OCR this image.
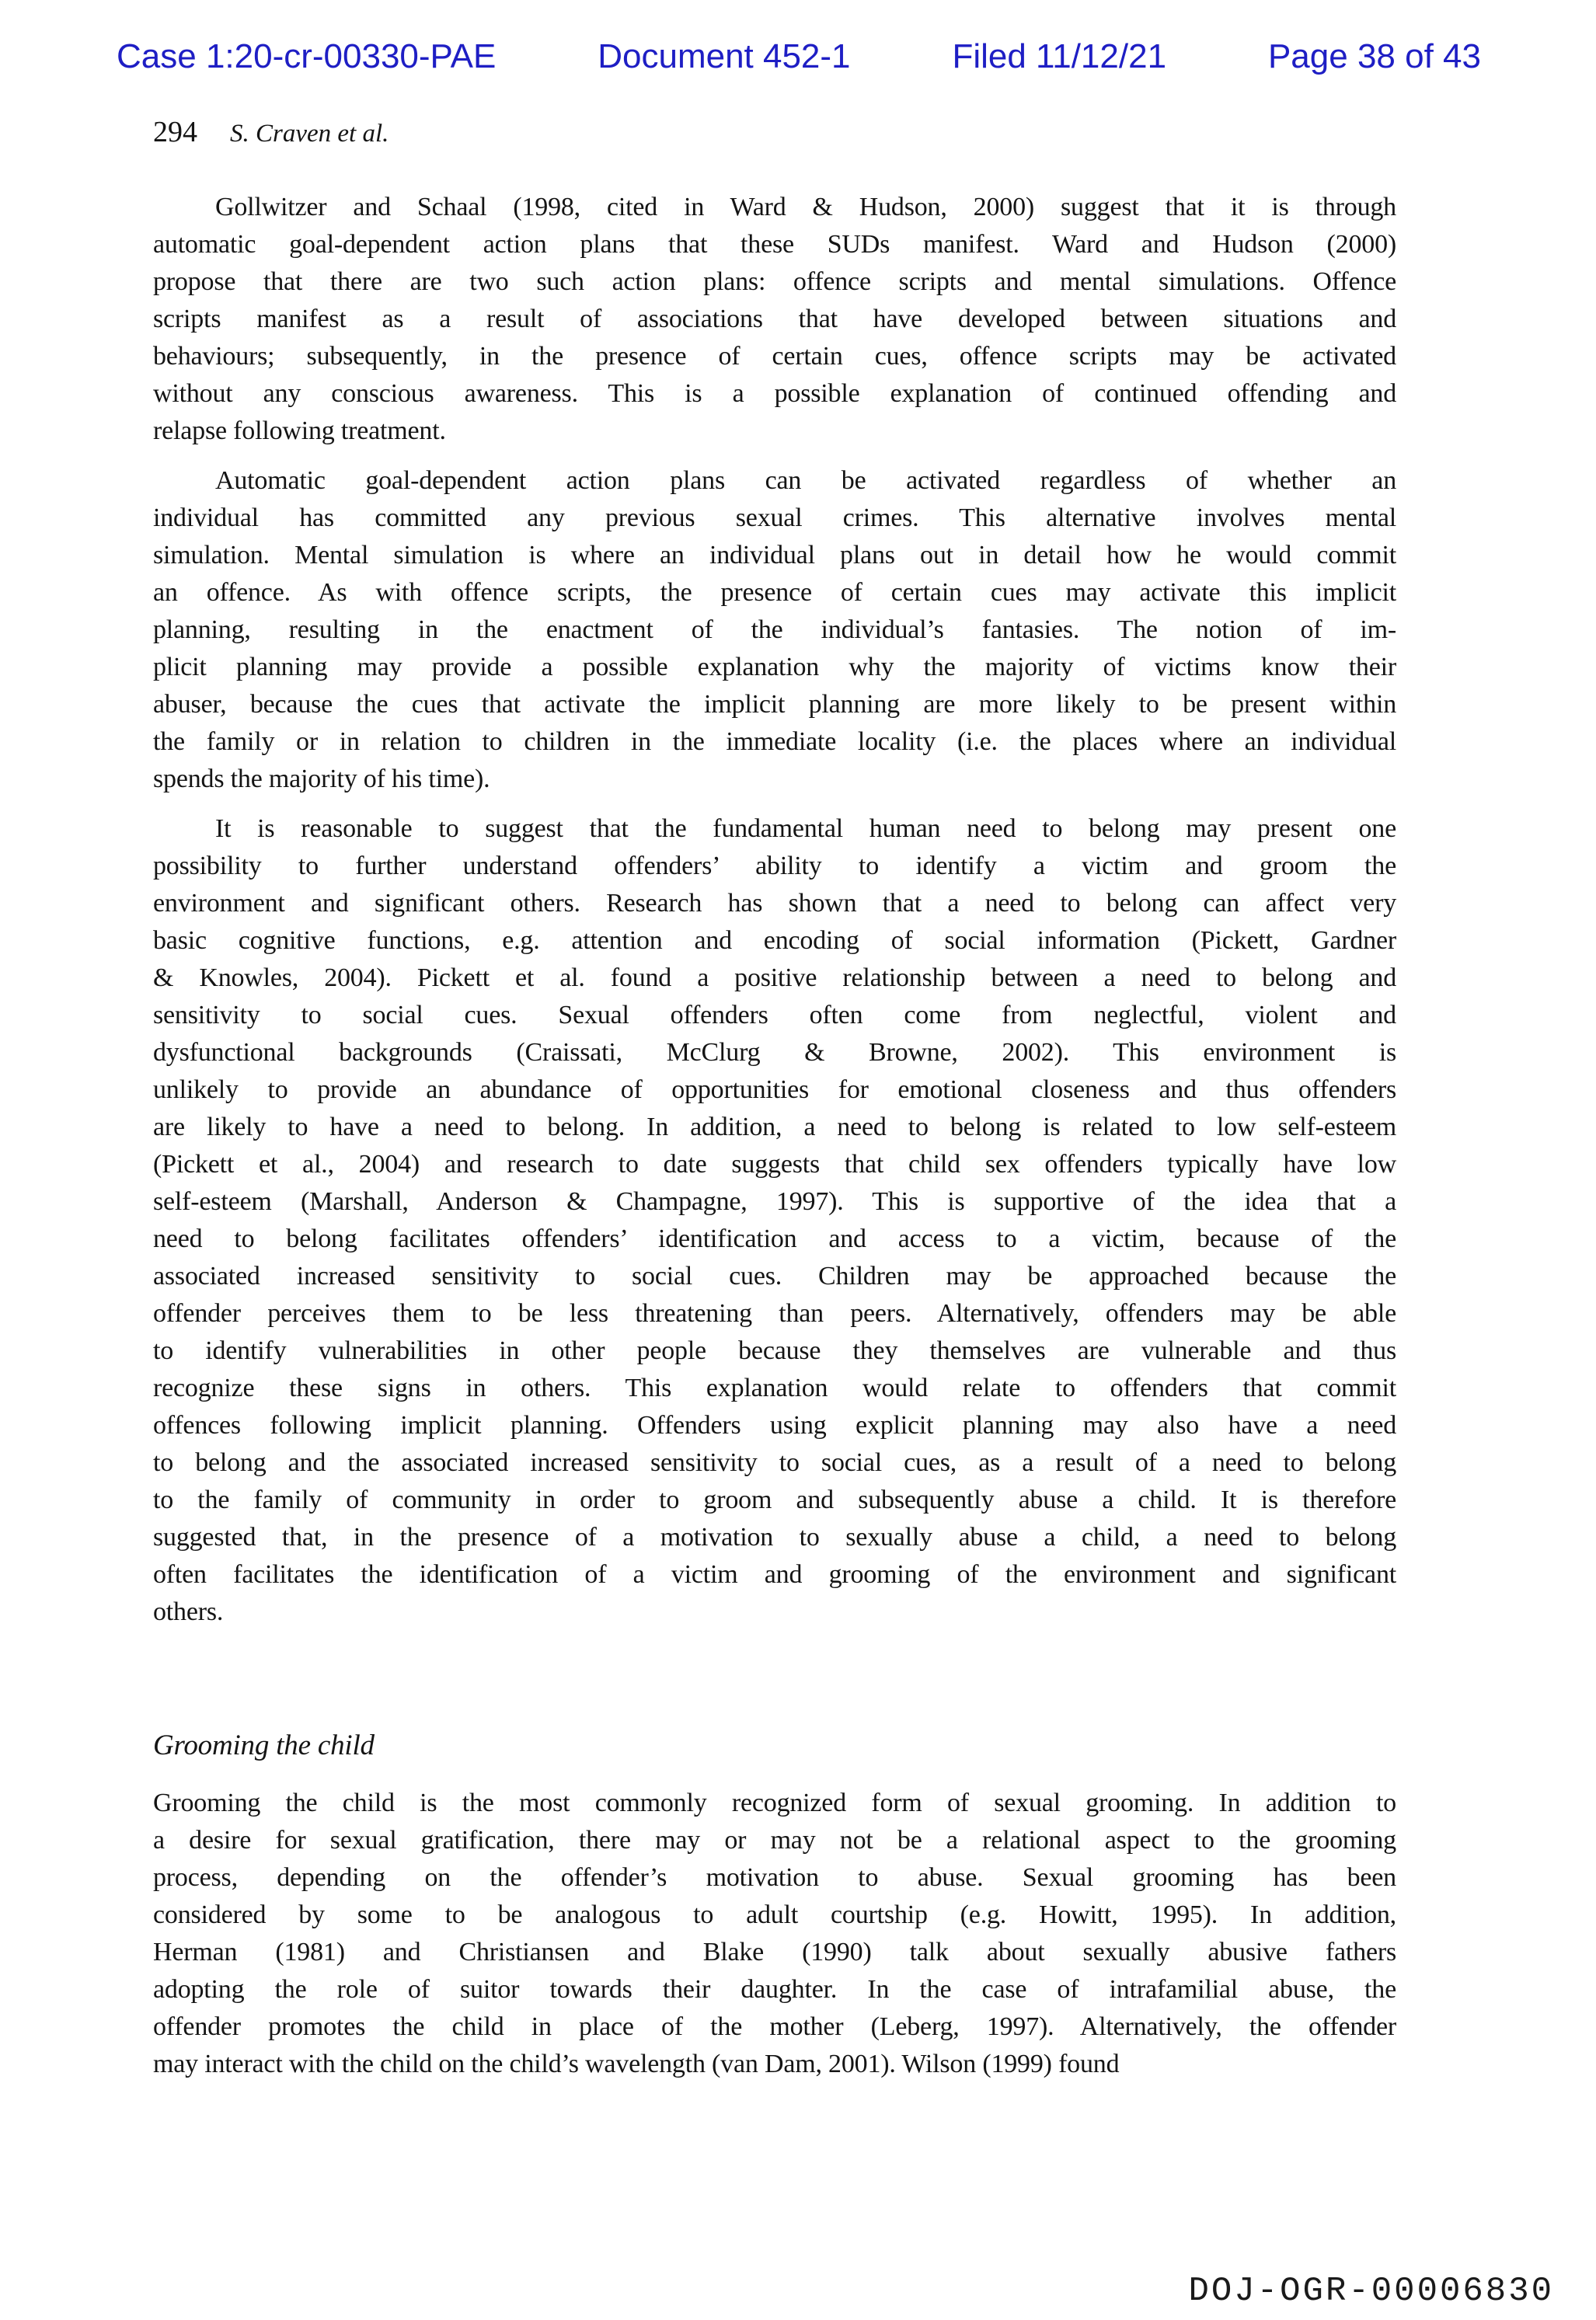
Case 1:20-cr-00330-PAE	Document 452-1	Filed 11/12/21	Page 38 of 43
294 S. Craven et al.
Gollwitzer and Schaal (1998, cited in Ward & Hudson, 2000) suggest that it is through
automatic goal-dependent action plans that these SUDs manifest. Ward and Hudson (2000)
propose that there are two such action plans: offence scripts and mental simulations. Offence
scripts manifest as a result of associations that have developed between situations and
behaviours; subsequently, in the presence of certain cues, offence scripts may be activated
without any conscious awareness. This is a possible explanation of continued offending and
relapse following treatment.
Automatic goal-dependent action plans can be activated regardless of whether an
individual has committed any previous sexual crimes. This alternative involves mental
simulation. Mental simulation is where an individual plans out in detail how he would commit
an offence. As with offence scripts, the presence of certain cues may activate this implicit
planning, resulting in the enactment of the individual’s fantasies. The notion of im-
plicit planning may provide a possible explanation why the majority of victims know their
abuser, because the cues that activate the implicit planning are more likely to be present within
the family or in relation to children in the immediate locality (i.e. the places where an individual
spends the majority of his time).
It is reasonable to suggest that the fundamental human need to belong may present one
possibility to further understand offenders’ ability to identify a victim and groom the
environment and significant others. Research has shown that a need to belong can affect very
basic cognitive functions, e.g. attention and encoding of social information (Pickett, Gardner
& Knowles, 2004). Pickett et al. found a positive relationship between a need to belong and
sensitivity to social cues. Sexual offenders often come from neglectful, violent and
dysfunctional backgrounds (Craissati, McClurg & Browne, 2002). This environment is
unlikely to provide an abundance of opportunities for emotional closeness and thus offenders
are likely to have a need to belong. In addition, a need to belong is related to low self-esteem
(Pickett et al., 2004) and research to date suggests that child sex offenders typically have low
self-esteem (Marshall, Anderson & Champagne, 1997). This is supportive of the idea that a
need to belong facilitates offenders’ identification and access to a victim, because of the
associated increased sensitivity to social cues. Children may be approached because the
offender perceives them to be less threatening than peers. Alternatively, offenders may be able
to identify vulnerabilities in other people because they themselves are vulnerable and thus
recognize these signs in others. This explanation would relate to offenders that commit
offences following implicit planning. Offenders using explicit planning may also have a need
to belong and the associated increased sensitivity to social cues, as a result of a need to belong
to the family of community in order to groom and subsequently abuse a child. It is therefore
suggested that, in the presence of a motivation to sexually abuse a child, a need to belong
often facilitates the identification of a victim and grooming of the environment and significant
others.
Grooming the child
Grooming the child is the most commonly recognized form of sexual grooming. In addition to
a desire for sexual gratification, there may or may not be a relational aspect to the grooming
process, depending on the offender’s motivation to abuse. Sexual grooming has been
considered by some to be analogous to adult courtship (e.g. Howitt, 1995). In addition,
Herman (1981) and Christiansen and Blake (1990) talk about sexually abusive fathers
adopting the role of suitor towards their daughter. In the case of intrafamilial abuse, the
offender promotes the child in place of the mother (Leberg, 1997). Alternatively, the offender
may interact with the child on the child’s wavelength (van Dam, 2001). Wilson (1999) found
DOJ-OGR-00006830
